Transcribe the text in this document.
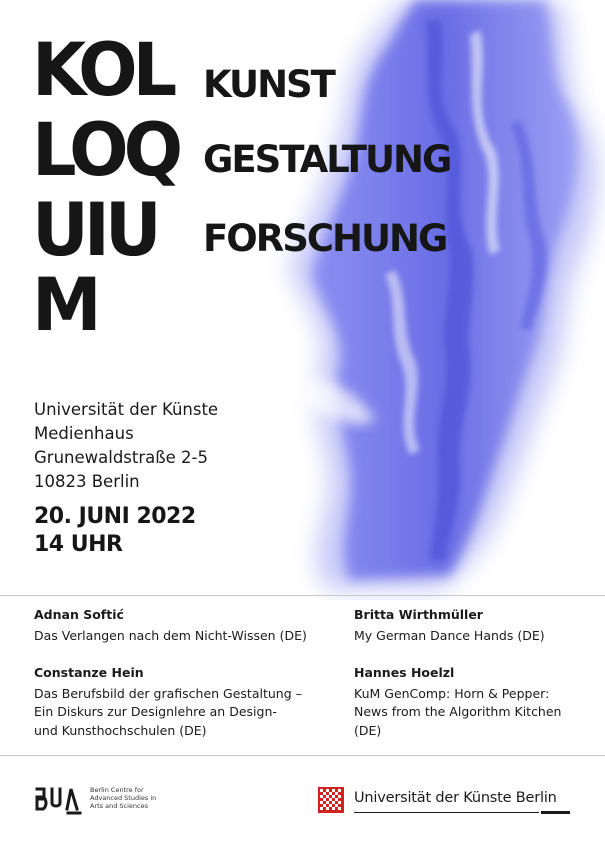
KOL
LOQ
UIU
M
KUNST
GESTALTUNG
FORSCHUNG
Universität der Künste
Medienhaus
Grunewaldstraße 2-5
10823 Berlin
20. JUNI 2022
14 UHR
Adnan Softić
Das Verlangen nach dem Nicht-Wissen (DE)
Britta Wirthmüller
My German Dance Hands (DE)
Constanze Hein
Das Berufsbild der grafischen Gestaltung –
Ein Diskurs zur Designlehre an Design-
und Kunsthochschulen (DE)
Hannes Hoelzl
KuM GenComp: Horn & Pepper:
News from the Algorithm Kitchen
(DE)
Berlin Centre for
Advanced Studies in
Arts and Sciences	Universität der Künste Berlin
